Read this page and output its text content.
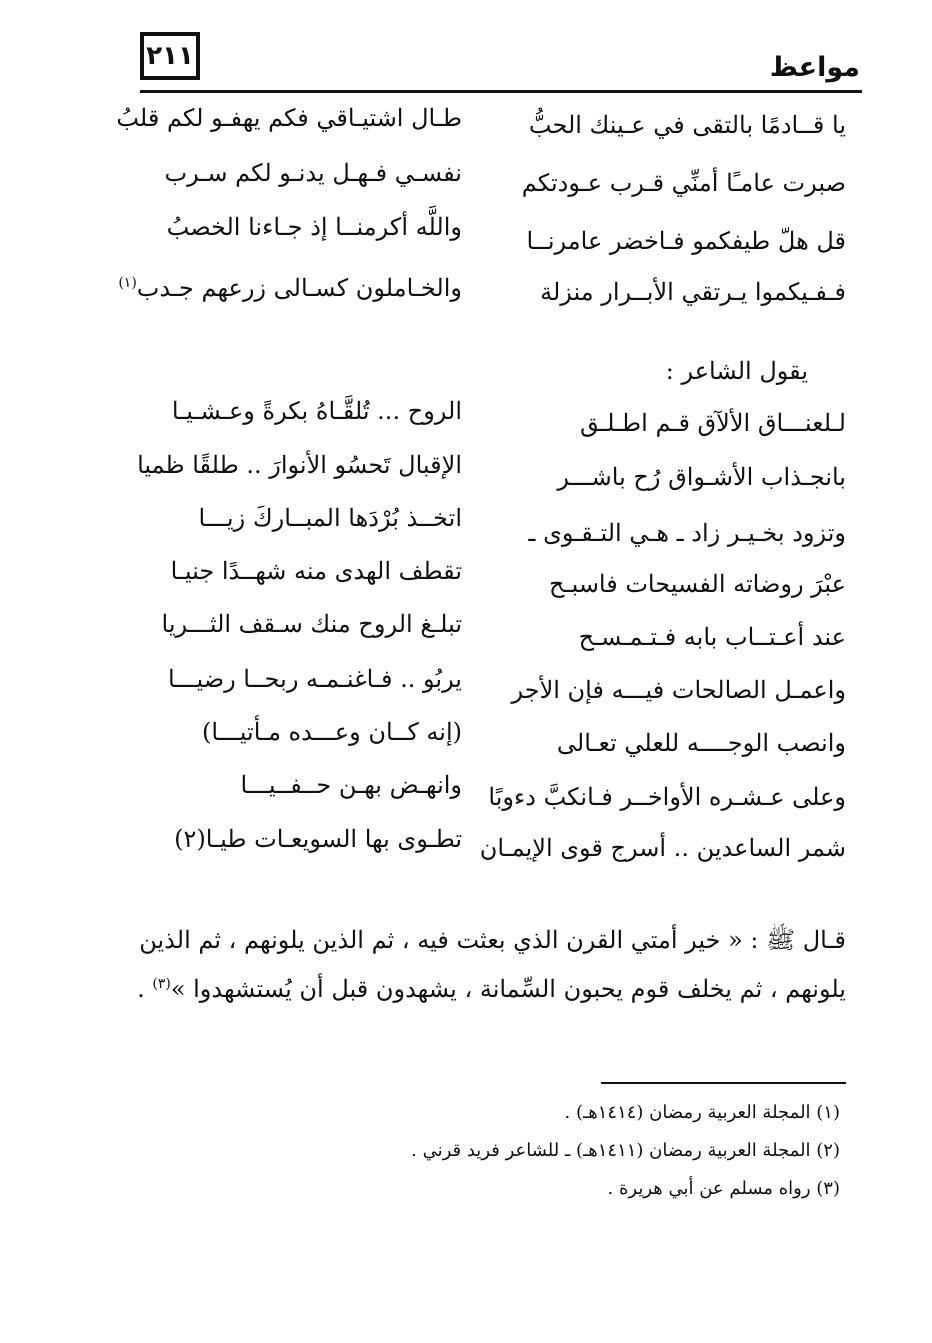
مواعظ
٢١١
يا قــادمًا بالتقى في عـينك الحبُّ
صبرت عامـًا أمنِّي قـرب عـودتكم
قل هلّ طيفكمو فـاخضر عامرنــا
فـفـيكموا يـرتقي الأبــرار منزلة
طـال اشتيـاقي فكم يهفـو لكم قلبُ
نفسـي فـهـل يدنـو لكم سـرب
واللَّه أكرمنــا إذ جـاءنا الخصبُ
والخـاملون كسـالى زرعهم جـدب$^{(١)}$
يقول الشاعر :
لـلعنـــاق الألآق قـم اطـلـق
بانجـذاب الأشـواق رُح باشـــر
وتزود بخـيـر زاد ـ هـي التـقـوى ـ
عبْرَ روضاته الفسيحات فاسبـح
عند أعـتــاب بابه فـتـمـسـح
واعمـل الصالحات فيـــه فإن الأجر
وانصب الوجــــه للعلي تعـالى
وعلى عـشـره الأواخــر فـانكبَّ دءوبًا
شمر الساعدين .. أسرج قوى الإيمـان
الروح ... تُلقَّـاهُ بكرةً وعـشـيـا
الإقبال تَحسُو الأنوارَ .. طلقًا ظميا
اتخــذ بُرْدَها المبــاركَ زيـــا
تقطف الهدى منه شهــدًا جنيـا
تبلـغ الروح منك سـقف الثـــريا
يربُو .. فـاغنـمـه ربحــا رضيـــا
(إنه كــان وعـــده مـأتيـــا)
وانهـض بهـن حــفــيـــا
تطـوى بها السويعـات طيـا(٢)
قـال ﷺ : « خير أمتي القرن الذي بعثت فيه ، ثم الذين يلونهم ، ثم الذين
يلونهم ، ثم يخلف قوم يحبون السِّمانة ، يشهدون قبل أن يُستشهدوا »$^{(٣)}$ .
(١) المجلة العربية رمضان (١٤١٤هـ) .
(٢) المجلة العربية رمضان (١٤١١هـ) ـ للشاعر فريد قرني .
(٣) رواه مسلم عن أبي هريرة .
